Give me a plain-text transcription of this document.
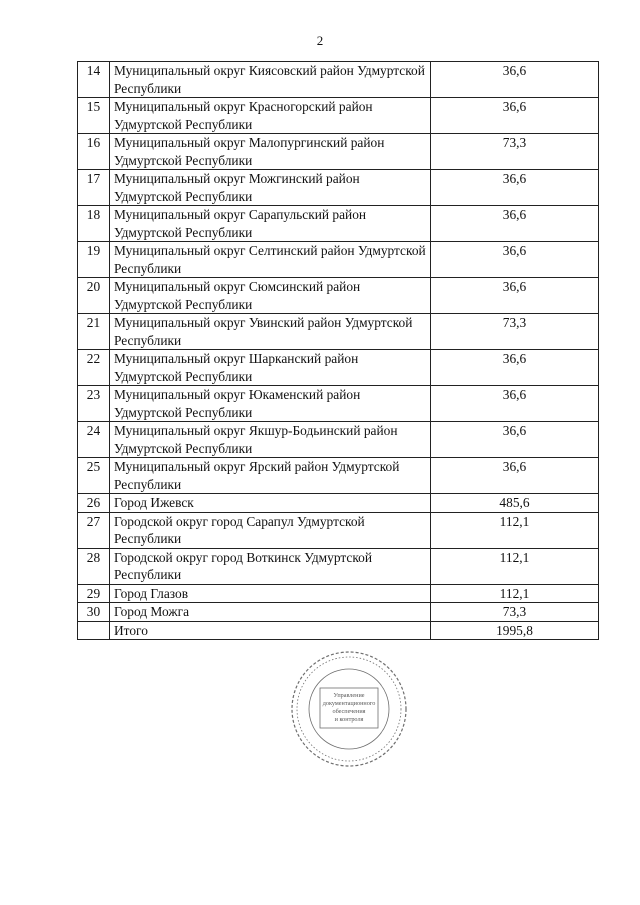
2
14	Муниципальный округ Киясовский район Удмуртской Республики	36,6
15	Муниципальный округ Красногорский район Удмуртской Республики	36,6
16	Муниципальный округ Малопургинский район Удмуртской Республики	73,3
17	Муниципальный округ Можгинский район Удмуртской Республики	36,6
18	Муниципальный округ Сарапульский район Удмуртской Республики	36,6
19	Муниципальный округ Селтинский район Удмуртской Республики	36,6
20	Муниципальный округ Сюмсинский район Удмуртской Республики	36,6
21	Муниципальный округ Увинский район Удмуртской Республики	73,3
22	Муниципальный округ Шарканский район Удмуртской Республики	36,6
23	Муниципальный округ Юкаменский район Удмуртской Республики	36,6
24	Муниципальный округ Якшур-Бодьинский район Удмуртской Республики	36,6
25	Муниципальный округ Ярский район Удмуртской Республики	36,6
26	Город Ижевск	485,6
27	Городской округ город Сарапул Удмуртской Республики	112,1
28	Городской округ город Воткинск Удмуртской Республики	112,1
29	Город Глазов	112,1
30	Город Можга	73,3
	Итого	1995,8
Управление
документационного
обеспечения
и контроля
